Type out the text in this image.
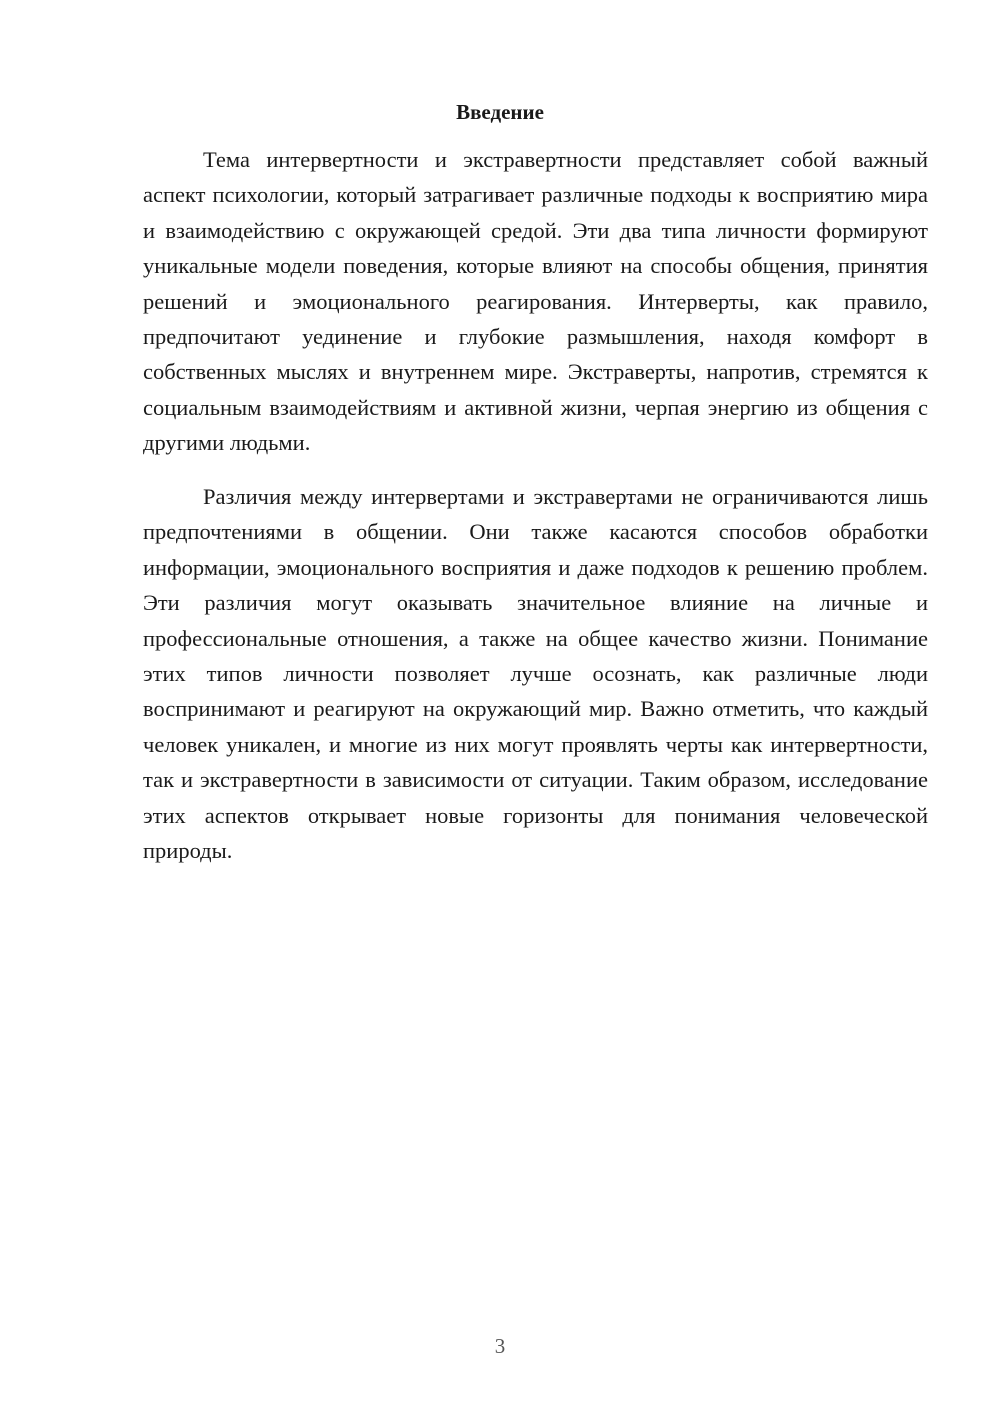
Введение

Тема интервертности и экстравертности представляет собой важный аспект психологии, который затрагивает различные подходы к восприятию мира и взаимодействию с окружающей средой. Эти два типа личности формируют уникальные модели поведения, которые влияют на способы общения, принятия решений и эмоционального реагирования. Интерверты, как правило, предпочитают уединение и глубокие размышления, находя комфорт в собственных мыслях и внутреннем мире. Экстраверты, напротив, стремятся к социальным взаимодействиям и активной жизни, черпая энергию из общения с другими людьми.

Различия между интервертами и экстравертами не ограничиваются лишь предпочтениями в общении. Они также касаются способов обработки информации, эмоционального восприятия и даже подходов к решению проблем. Эти различия могут оказывать значительное влияние на личные и профессиональные отношения, а также на общее качество жизни. Понимание этих типов личности позволяет лучше осознать, как различные люди воспринимают и реагируют на окружающий мир. Важно отметить, что каждый человек уникален, и многие из них могут проявлять черты как интервертности, так и экстравертности в зависимости от ситуации. Таким образом, исследование этих аспектов открывает новые горизонты для понимания человеческой природы.

3
